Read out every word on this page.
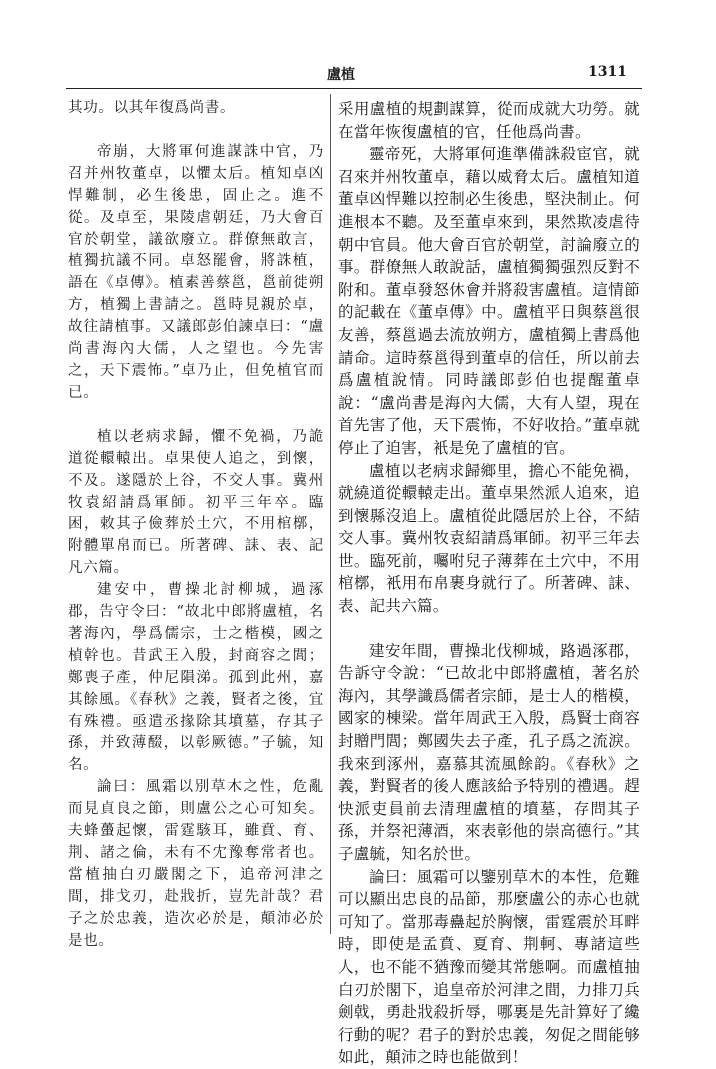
盧植	1311

其功。以其年復爲尚書。

帝崩，大將軍何進謀誅中官，乃召并州牧董卓，以懼太后。植知卓凶悍難制，必生後患，固止之。進不從。及卓至，果陵虐朝廷，乃大會百官於朝堂，議欲廢立。群僚無敢言，植獨抗議不同。卓怒罷會，將誅植，語在《卓傳》。植素善蔡邕，邕前徙朔方，植獨上書請之。邕時見親於卓，故往請植事。又議郎彭伯諫卓曰：“盧尚書海內大儒，人之望也。今先害之，天下震怖。”卓乃止，但免植官而已。

植以老病求歸，懼不免禍，乃詭道從轘轅出。卓果使人追之，到懷，不及。遂隱於上谷，不交人事。冀州牧袁紹請爲軍師。初平三年卒。臨困，敕其子儉葬於土穴，不用棺槨，附體單帛而已。所著碑、誄、表、記凡六篇。

建安中，曹操北討柳城，過涿郡，告守令曰：“故北中郎將盧植，名著海內，學爲儒宗，士之楷模，國之楨幹也。昔武王入殷，封商容之閭；鄭喪子產，仲尼隕涕。孤到此州，嘉其餘風。《春秋》之義，賢者之後，宜有殊禮。亟遣丞掾除其墳墓，存其子孫，并致薄醊，以彰厥德。”子毓，知名。

論曰：風霜以別草木之性，危亂而見貞良之節，則盧公之心可知矣。夫蜂蠆起懷，雷霆駭耳，雖賁、育、荆、諸之倫，未有不冘豫奪常者也。當植抽白刃嚴閣之下，追帝河津之間，排戈刃，赴戕折，豈先計哉？君子之於忠義，造次必於是，顛沛必於是也。

采用盧植的規劃謀算，從而成就大功勞。就在當年恢復盧植的官，任他爲尚書。

靈帝死，大將軍何進準備誅殺宦官，就召來并州牧董卓，藉以威脅太后。盧植知道董卓凶悍難以控制必生後患，堅決制止。何進根本不聽。及至董卓來到，果然欺凌虐待朝中官員。他大會百官於朝堂，討論廢立的事。群僚無人敢說話，盧植獨獨强烈反對不附和。董卓發怒休會并將殺害盧植。這情節的記載在《董卓傳》中。盧植平日與蔡邕很友善，蔡邕過去流放朔方，盧植獨上書爲他請命。這時蔡邕得到董卓的信任，所以前去爲盧植說情。同時議郎彭伯也提醒董卓說：“盧尚書是海內大儒，大有人望，現在首先害了他，天下震怖，不好收拾。”董卓就停止了迫害，衹是免了盧植的官。

盧植以老病求歸鄉里，擔心不能免禍，就繞道從轘轅走出。董卓果然派人追來，追到懷縣沒追上。盧植從此隱居於上谷，不結交人事。冀州牧袁紹請爲軍師。初平三年去世。臨死前，囑咐兒子薄葬在土穴中，不用棺槨，衹用布帛裹身就行了。所著碑、誄、表、記共六篇。

建安年間，曹操北伐柳城，路過涿郡，告訴守令說：“已故北中郎將盧植，著名於海內，其學識爲儒者宗師，是士人的楷模，國家的棟梁。當年周武王入殷，爲賢士商容封贈門閭；鄭國失去子產，孔子爲之流淚。我來到涿州，嘉慕其流風餘韵。《春秋》之義，對賢者的後人應該給予特别的禮遇。趕快派吏員前去清理盧植的墳墓，存問其子孫，并祭祀薄酒，來表彰他的崇高德行。”其子盧毓，知名於世。

論曰：風霜可以鑒别草木的本性，危難可以顯出忠良的品節，那麼盧公的赤心也就可知了。當那毒蠱起於胸懷，雷霆震於耳畔時，即使是孟賁、夏育、荆軻、專諸這些人，也不能不猶豫而變其常態啊。而盧植抽白刃於閣下，追皇帝於河津之間，力排刀兵劍戟，勇赴戕殺折辱，哪裏是先計算好了纔行動的呢？君子的對於忠義，匆促之間能够如此，顛沛之時也能做到！
